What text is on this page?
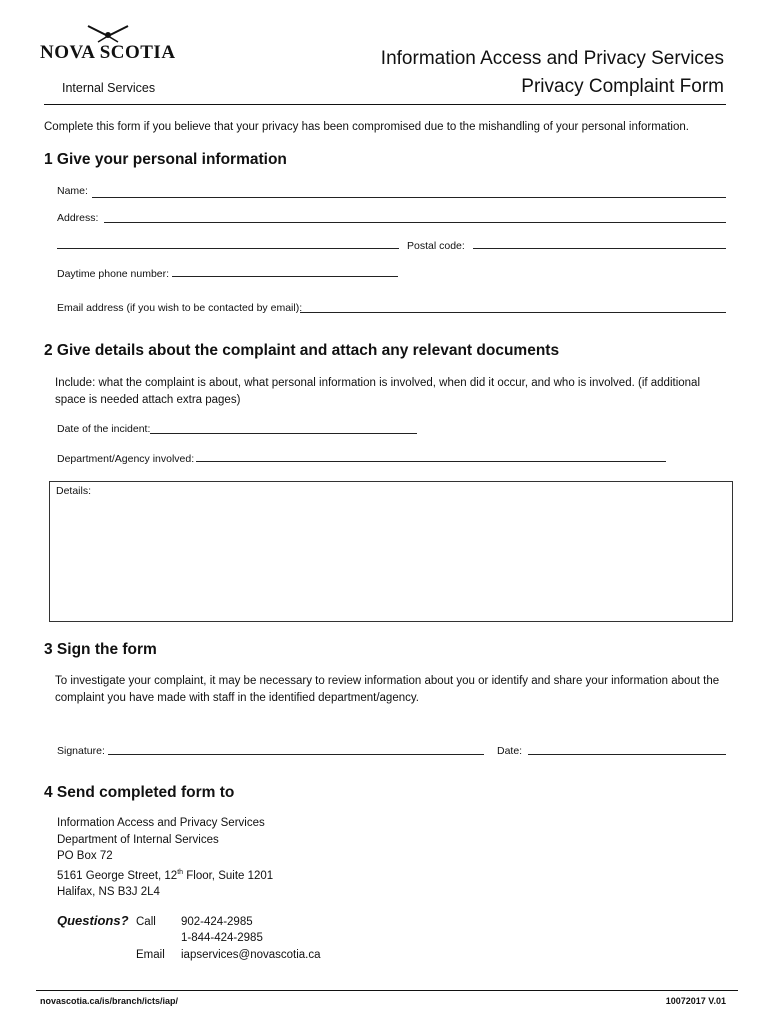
NOVA SCOTIA
Internal Services
Information Access and Privacy Services
Privacy Complaint Form
Complete this form if you believe that your privacy has been compromised due to the mishandling of your personal information.
1 Give your personal information
Name:
Address:
Postal code:
Daytime phone number:
Email address (if you wish to be contacted by email):
2 Give details about the complaint and attach any relevant documents
Include: what the complaint is about, what personal information is involved, when did it occur, and who is involved. (if additional space is needed attach extra pages)
Date of the incident:
Department/Agency involved:
Details:
3 Sign the form
To investigate your complaint, it may be necessary to review information about you or identify and share your information about the complaint you have made with staff in the identified department/agency.
Signature:	Date:
4 Send completed form to
Information Access and Privacy Services
Department of Internal Services
PO Box 72
5161 George Street, 12th Floor, Suite 1201
Halifax, NS B3J 2L4
Questions? Call 902-424-2985
1-844-424-2985
Email iapservices@novascotia.ca
novascotia.ca/is/branch/icts/iap/	10072017 V.01
